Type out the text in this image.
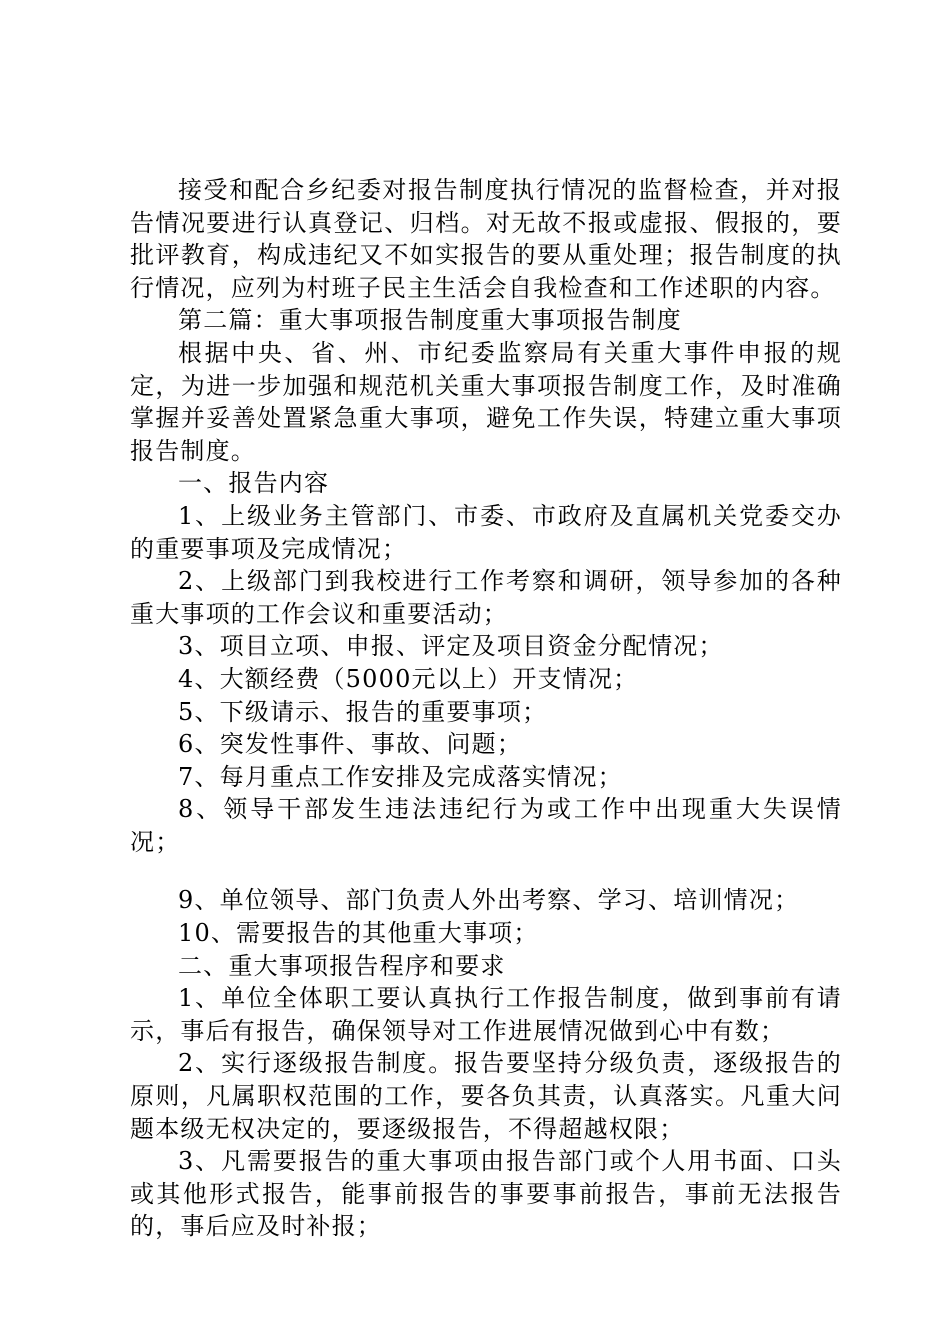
接受和配合乡纪委对报告制度执行情况的监督检查，并对报告情况要进行认真登记、归档。对无故不报或虚报、假报的，要批评教育，构成违纪又不如实报告的要从重处理；报告制度的执行情况，应列为村班子民主生活会自我检查和工作述职的内容。

第二篇：重大事项报告制度重大事项报告制度

根据中央、省、州、市纪委监察局有关重大事件申报的规定，为进一步加强和规范机关重大事项报告制度工作，及时准确掌握并妥善处置紧急重大事项，避免工作失误，特建立重大事项报告制度。

一、报告内容

1、上级业务主管部门、市委、市政府及直属机关党委交办的重要事项及完成情况；

2、上级部门到我校进行工作考察和调研，领导参加的各种重大事项的工作会议和重要活动；

3、项目立项、申报、评定及项目资金分配情况；

4、大额经费（5000元以上）开支情况；

5、下级请示、报告的重要事项；

6、突发性事件、事故、问题；

7、每月重点工作安排及完成落实情况；

8、领导干部发生违法违纪行为或工作中出现重大失误情况；

9、单位领导、部门负责人外出考察、学习、培训情况；

10、需要报告的其他重大事项；

二、重大事项报告程序和要求

1、单位全体职工要认真执行工作报告制度，做到事前有请示，事后有报告，确保领导对工作进展情况做到心中有数；

2、实行逐级报告制度。报告要坚持分级负责，逐级报告的原则，凡属职权范围的工作，要各负其责，认真落实。凡重大问题本级无权决定的，要逐级报告，不得超越权限；

3、凡需要报告的重大事项由报告部门或个人用书面、口头或其他形式报告，能事前报告的事要事前报告，事前无法报告的，事后应及时补报；
